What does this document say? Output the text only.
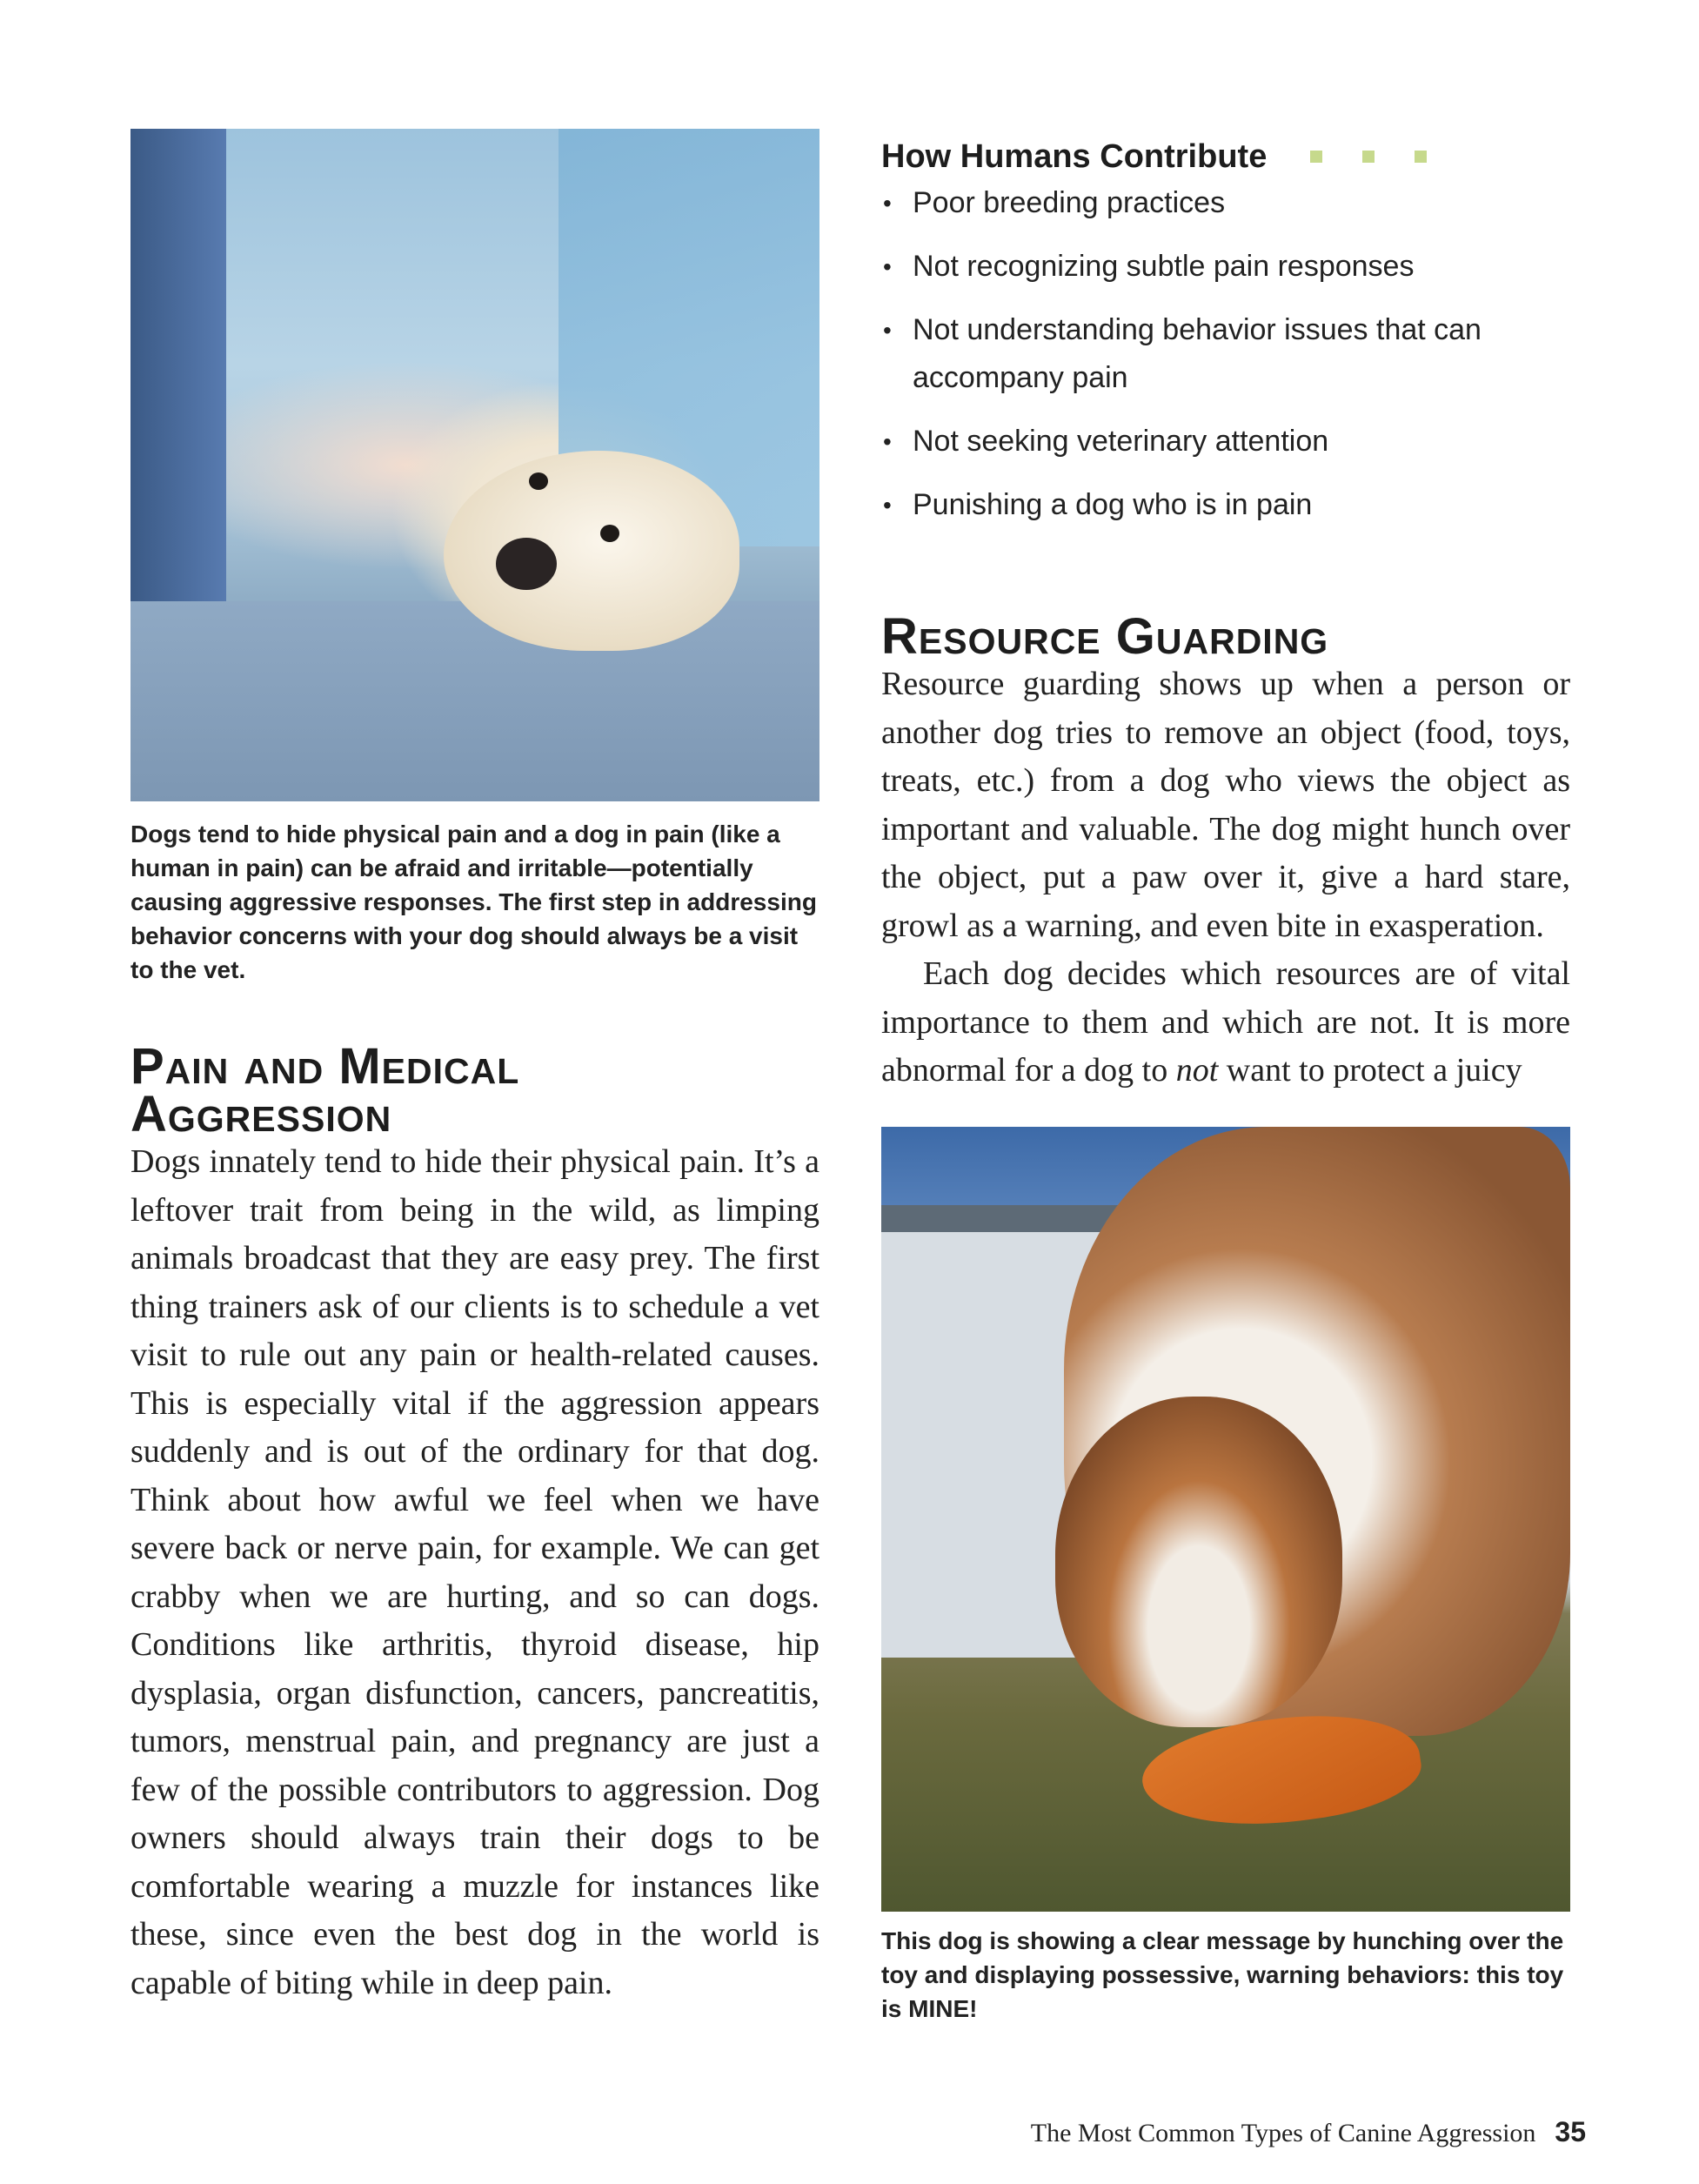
Dogs tend to hide physical pain and a dog in pain (like a human in pain) can be afraid and irritable—potentially causing aggressive responses. The first step in addressing behavior concerns with your dog should always be a visit to the vet.

Pain and Medical
Aggression

Dogs innately tend to hide their physical pain. It’s a leftover trait from being in the wild, as limping animals broadcast that they are easy prey. The first thing trainers ask of our clients is to schedule a vet visit to rule out any pain or health-related causes. This is especially vital if the aggression appears suddenly and is out of the ordinary for that dog. Think about how awful we feel when we have severe back or nerve pain, for example. We can get crabby when we are hurting, and so can dogs. Conditions like arthritis, thyroid disease, hip dysplasia, organ disfunction, cancers, pancreatitis, tumors, menstrual pain, and pregnancy are just a few of the possible contributors to aggression. Dog owners should always train their dogs to be comfortable wearing a muzzle for instances like these, since even the best dog in the world is capable of biting while in deep pain.

How Humans Contribute
• Poor breeding practices
• Not recognizing subtle pain responses
• Not understanding behavior issues that can accompany pain
• Not seeking veterinary attention
• Punishing a dog who is in pain
Resource Guarding

Resource guarding shows up when a person or another dog tries to remove an object (food, toys, treats, etc.) from a dog who views the object as important and valuable. The dog might hunch over the object, put a paw over it, give a hard stare, growl as a warning, and even bite in exasperation.

Each dog decides which resources are of vital importance to them and which are not. It is more abnormal for a dog to not want to protect a juicy

This dog is showing a clear message by hunching over the toy and displaying possessive, warning behaviors: this toy is MINE!

The Most Common Types of Canine Aggression 35
